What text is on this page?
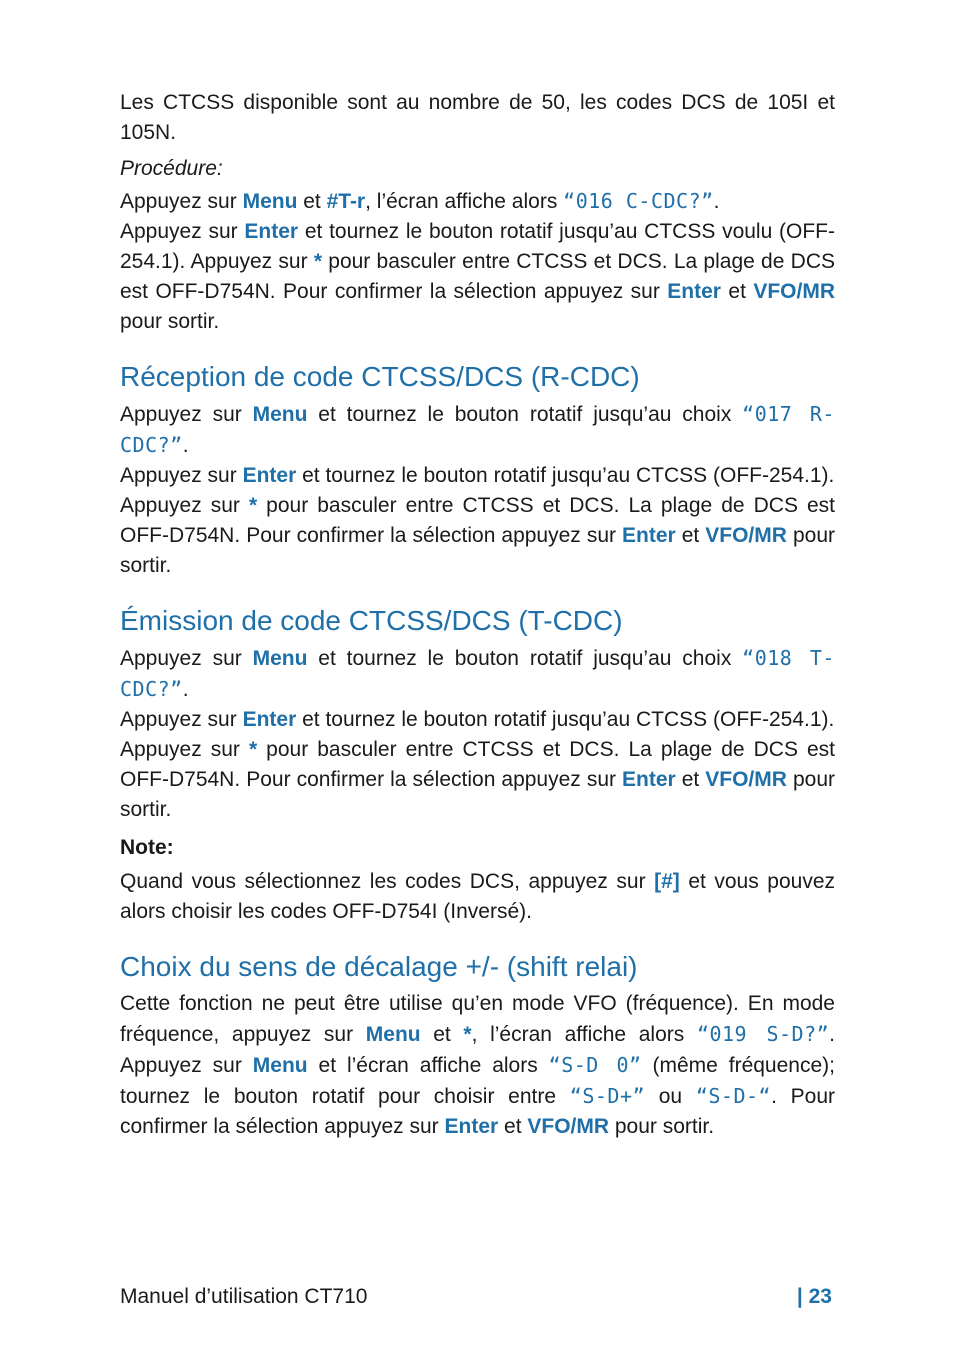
Les CTCSS disponible sont au nombre de 50, les codes DCS de 105I et 105N.

Procédure:

Appuyez sur Menu et #T-r, l’écran affiche alors “016 C-CDC?”.

Appuyez sur Enter et tournez le bouton rotatif jusqu’au CTCSS voulu (OFF-254.1). Appuyez sur * pour basculer entre CTCSS et DCS. La plage de DCS est OFF-D754N. Pour confirmer la sélection appuyez sur Enter et VFO/MR pour sortir.

Réception de code CTCSS/DCS (R-CDC)

Appuyez sur Menu et tournez le bouton rotatif jusqu’au choix “017 R-CDC?”.

Appuyez sur Enter et tournez le bouton rotatif jusqu’au CTCSS (OFF-254.1).

Appuyez sur * pour basculer entre CTCSS et DCS. La plage de DCS est OFF-D754N. Pour confirmer la sélection appuyez sur Enter et VFO/MR pour sortir.

Émission de code CTCSS/DCS (T-CDC)

Appuyez sur Menu et tournez le bouton rotatif jusqu’au choix “018 T-CDC?”.

Appuyez sur Enter et tournez le bouton rotatif jusqu’au CTCSS (OFF-254.1).

Appuyez sur * pour basculer entre CTCSS et DCS. La plage de DCS est OFF-D754N. Pour confirmer la sélection appuyez sur Enter et VFO/MR pour sortir.

Note:

Quand vous sélectionnez les codes DCS, appuyez sur [#] et vous pouvez alors choisir les codes OFF-D754I (Inversé).

Choix du sens de décalage +/- (shift relai)

Cette fonction ne peut être utilise qu’en mode VFO (fréquence). En mode fréquence, appuyez sur Menu et *, l’écran affiche alors “019 S-D?”. Appuyez sur Menu et l’écran affiche alors “S-D 0” (même fréquence); tournez le bouton rotatif pour choisir entre “S-D+” ou “S-D-“. Pour confirmer la sélection appuyez sur Enter et VFO/MR pour sortir.

Manuel d’utilisation CT710	| 23
